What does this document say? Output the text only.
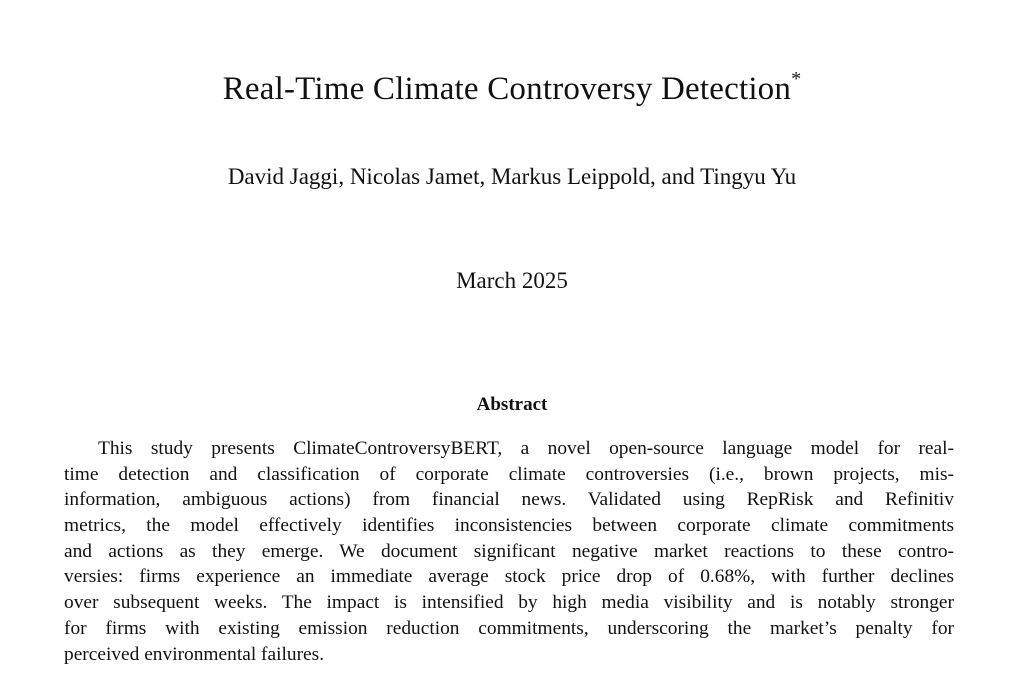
Real-Time Climate Controversy Detection*
David Jaggi, Nicolas Jamet, Markus Leippold, and Tingyu Yu
March 2025
Abstract
This study presents ClimateControversyBERT, a novel open-source language model for real-
time detection and classification of corporate climate controversies (i.e., brown projects, mis-
information, ambiguous actions) from financial news. Validated using RepRisk and Refinitiv
metrics, the model effectively identifies inconsistencies between corporate climate commitments
and actions as they emerge. We document significant negative market reactions to these contro-
versies: firms experience an immediate average stock price drop of 0.68%, with further declines
over subsequent weeks. The impact is intensified by high media visibility and is notably stronger
for firms with existing emission reduction commitments, underscoring the market’s penalty for
perceived environmental failures.
